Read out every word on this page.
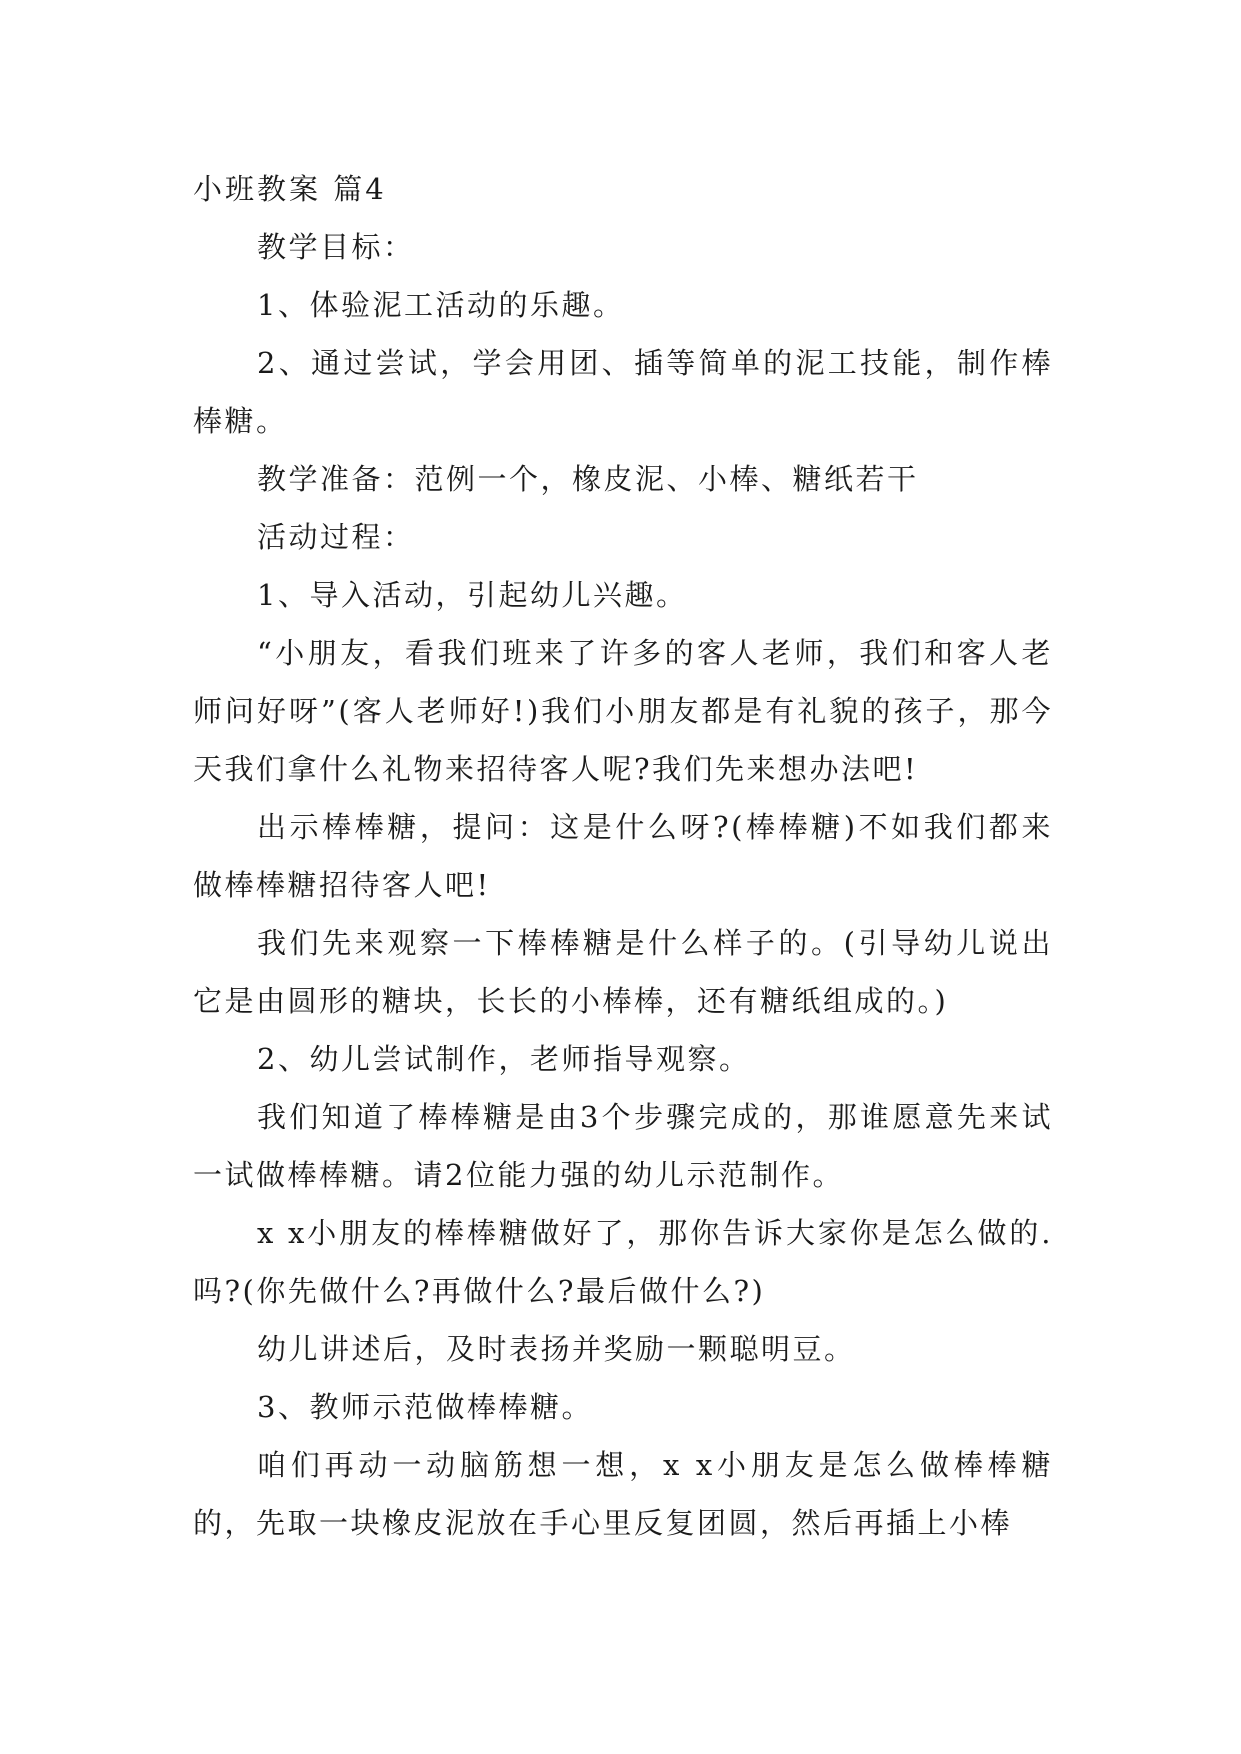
小班教案 篇4

教学目标：

1、体验泥工活动的乐趣。

2、通过尝试，学会用团、插等简单的泥工技能，制作棒棒糖。

教学准备：范例一个，橡皮泥、小棒、糖纸若干

活动过程：

1、导入活动，引起幼儿兴趣。

“小朋友，看我们班来了许多的客人老师，我们和客人老师问好呀”(客人老师好!)我们小朋友都是有礼貌的孩子，那今天我们拿什么礼物来招待客人呢?我们先来想办法吧!

出示棒棒糖，提问：这是什么呀?(棒棒糖)不如我们都来做棒棒糖招待客人吧!

我们先来观察一下棒棒糖是什么样子的。(引导幼儿说出它是由圆形的糖块，长长的小棒棒，还有糖纸组成的。)

2、幼儿尝试制作，老师指导观察。

我们知道了棒棒糖是由3个步骤完成的，那谁愿意先来试一试做棒棒糖。请2位能力强的幼儿示范制作。

x x小朋友的棒棒糖做好了，那你告诉大家你是怎么做的.吗?(你先做什么?再做什么?最后做什么?)

幼儿讲述后，及时表扬并奖励一颗聪明豆。

3、教师示范做棒棒糖。

咱们再动一动脑筋想一想，x x小朋友是怎么做棒棒糖的，先取一块橡皮泥放在手心里反复团圆，然后再插上小棒
